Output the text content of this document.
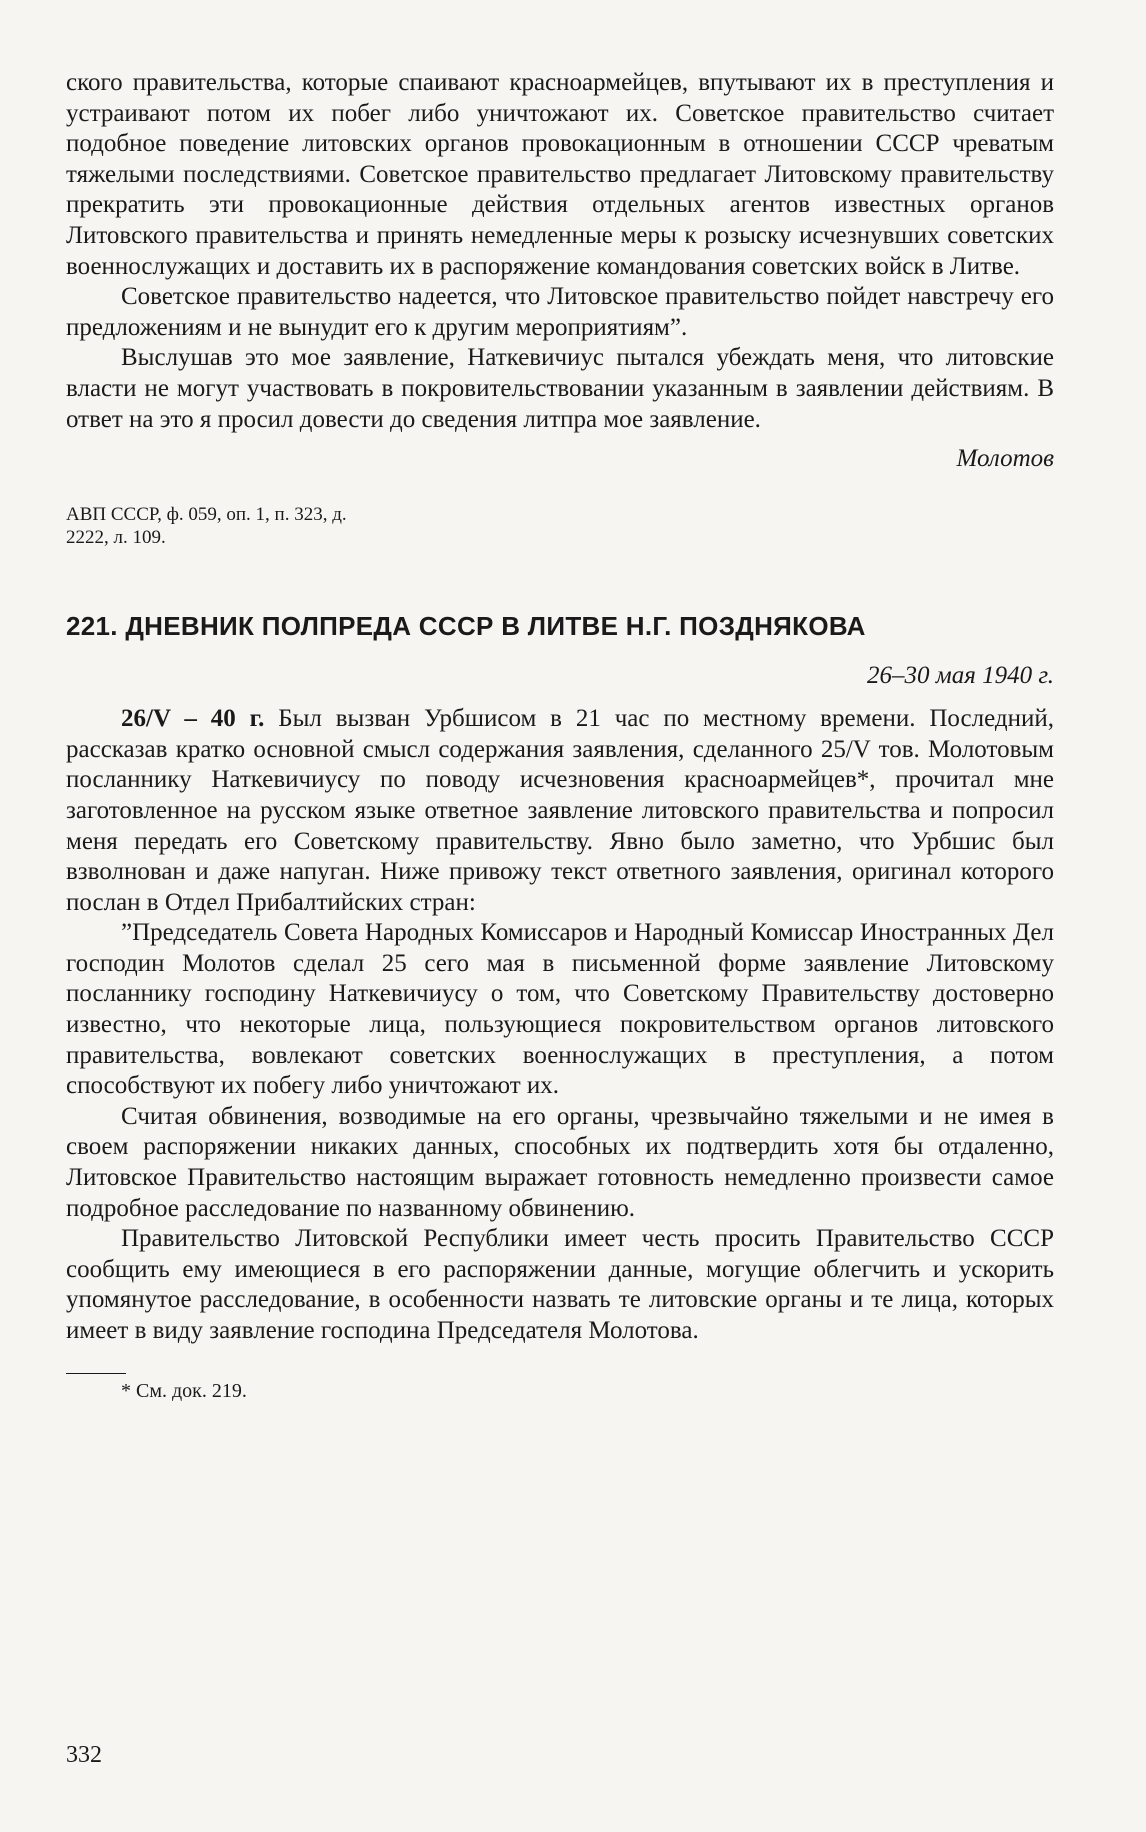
ского правительства, которые спаивают красноармейцев, впутывают их в преступления и устраивают потом их побег либо уничтожают их. Советское правительство считает подобное поведение литовских органов провокационным в отношении СССР чреватым тяжелыми последствиями. Советское правительство предлагает Литовскому правительству прекратить эти провокационные действия отдельных агентов известных органов Литовского правительства и принять немедленные меры к розыску исчезнувших советских военнослужащих и доставить их в распоряжение командования советских войск в Литве.

Советское правительство надеется, что Литовское правительство пойдет навстречу его предложениям и не вынудит его к другим мероприятиям”.

Выслушав это мое заявление, Наткевичиус пытался убеждать меня, что литовские власти не могут участвовать в покровительствовании указанным в заявлении действиям. В ответ на это я просил довести до сведения литпра мое заявление.

Молотов
АВП СССР, ф. 059, оп. 1, п. 323, д. 2222, л. 109.
221. ДНЕВНИК ПОЛПРЕДА СССР В ЛИТВЕ Н.Г. ПОЗДНЯКОВА
26–30 мая 1940 г.

26/V – 40 г. Был вызван Урбшисом в 21 час по местному времени. Последний, рассказав кратко основной смысл содержания заявления, сделанного 25/V тов. Молотовым посланнику Наткевичиусу по поводу исчезновения красноармейцев*, прочитал мне заготовленное на русском языке ответное заявление литовского правительства и попросил меня передать его Советскому правительству. Явно было заметно, что Урбшис был взволнован и даже напуган. Ниже привожу текст ответного заявления, оригинал которого послан в Отдел Прибалтийских стран:

”Председатель Совета Народных Комиссаров и Народный Комиссар Иностранных Дел господин Молотов сделал 25 сего мая в письменной форме заявление Литовскому посланнику господину Наткевичиусу о том, что Советскому Правительству достоверно известно, что некоторые лица, пользующиеся покровительством органов литовского правительства, вовлекают советских военнослужащих в преступления, а потом способствуют их побегу либо уничтожают их.

Считая обвинения, возводимые на его органы, чрезвычайно тяжелыми и не имея в своем распоряжении никаких данных, способных их подтвердить хотя бы отдаленно, Литовское Правительство настоящим выражает готовность немедленно произвести самое подробное расследование по названному обвинению.

Правительство Литовской Республики имеет честь просить Правительство СССР сообщить ему имеющиеся в его распоряжении данные, могущие облегчить и ускорить упомянутое расследование, в особенности назвать те литовские органы и те лица, которых имеет в виду заявление господина Председателя Молотова.

* См. док. 219.
332
